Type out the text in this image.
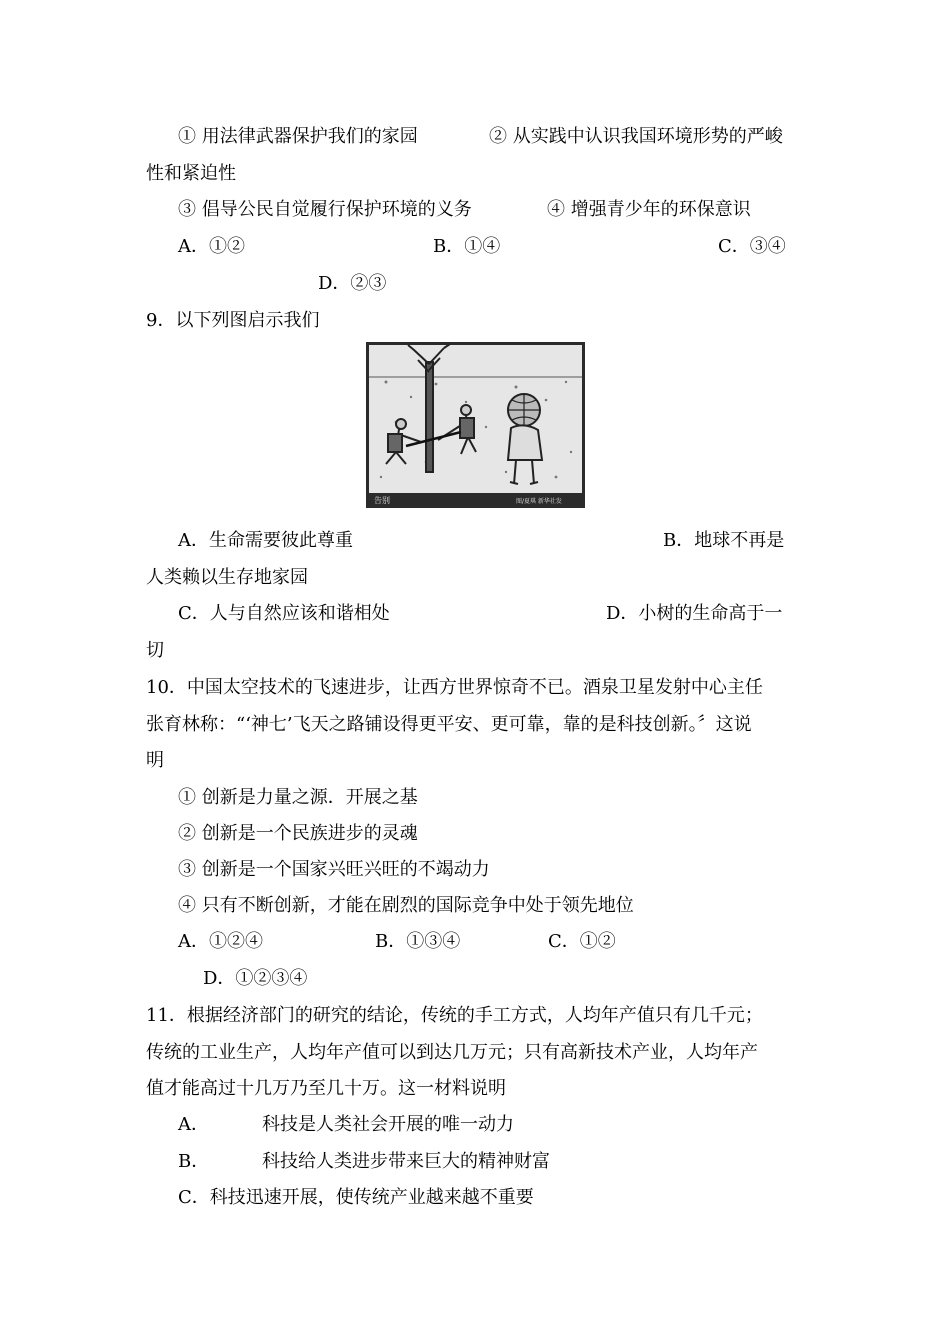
① 用法律武器保护我们的家园	② 从实践中认识我国环境形势的严峻
性和紧迫性
③ 倡导公民自觉履行保护环境的义务	④ 增强青少年的环保意识
A．①②	B．①④	C．③④
D．②③
9．以下列图启示我们
告别	图/夏琪 新华社发
A．生命需要彼此尊重	B．地球不再是
人类赖以生存地家园
C．人与自然应该和谐相处	D．小树的生命高于一
切
10．中国太空技术的飞速进步，让西方世界惊奇不已。酒泉卫星发射中心主任
张育林称：“‘神七’飞天之路铺设得更平安、更可靠，靠的是科技创新。〞这说
明
① 创新是力量之源．开展之基
② 创新是一个民族进步的灵魂
③ 创新是一个国家兴旺兴旺的不竭动力
④ 只有不断创新，才能在剧烈的国际竞争中处于领先地位
A．①②④	B．①③④	C．①②
D．①②③④
11．根据经济部门的研究的结论，传统的手工方式，人均年产值只有几千元；
传统的工业生产，人均年产值可以到达几万元；只有高新技术产业，人均年产
值才能高过十几万乃至几十万。这一材料说明
A．	科技是人类社会开展的唯一动力
B．	科技给人类进步带来巨大的精神财富
C．科技迅速开展，使传统产业越来越不重要
